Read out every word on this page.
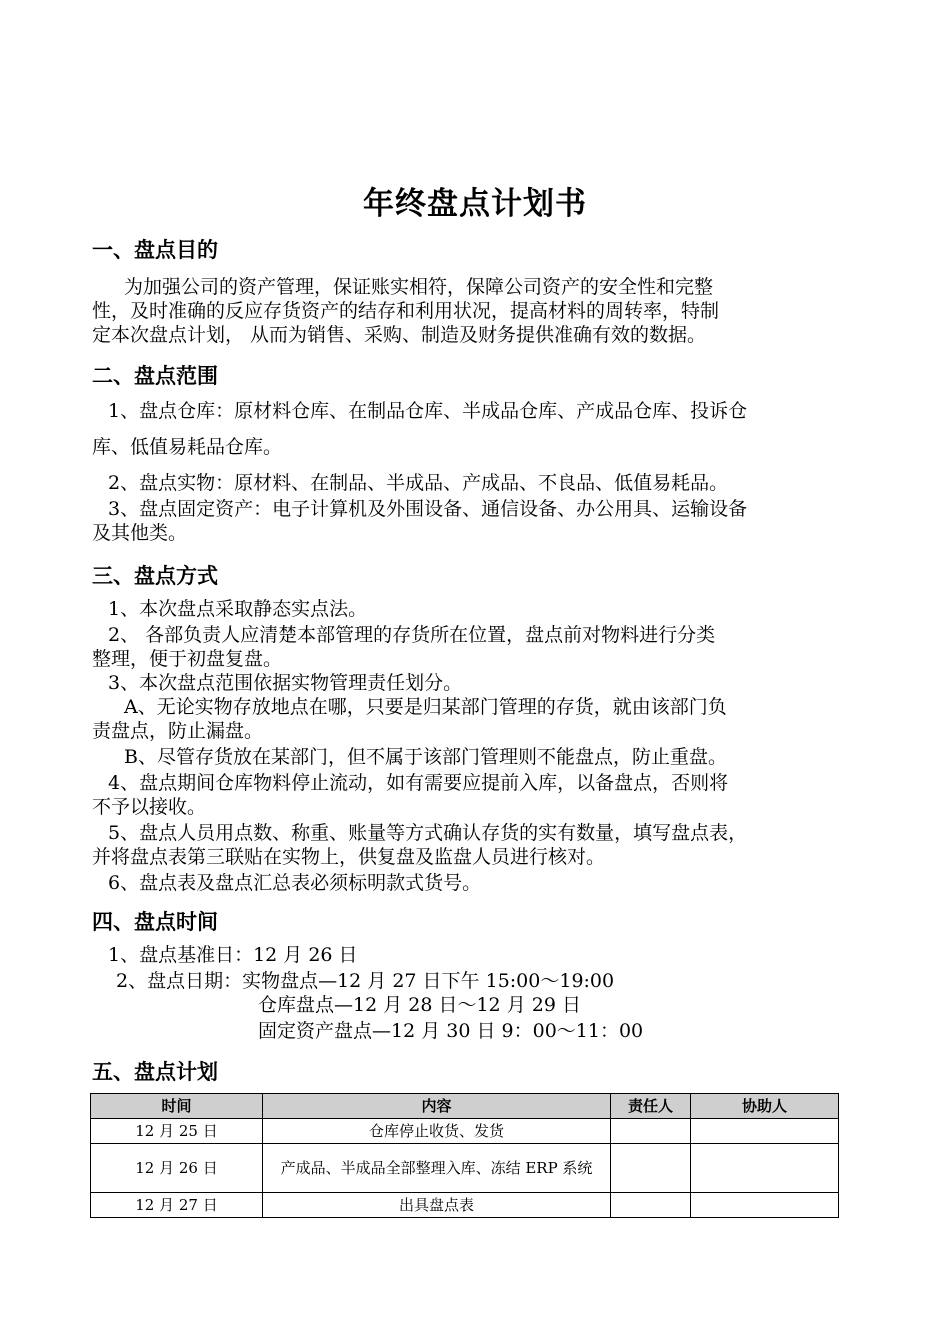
年终盘点计划书
一、盘点目的
为加强公司的资产管理，保证账实相符，保障公司资产的安全性和完整
性，及时准确的反应存货资产的结存和利用状况，提高材料的周转率，特制
定本次盘点计划， 从而为销售、采购、制造及财务提供准确有效的数据。
二、盘点范围
1、盘点仓库：原材料仓库、在制品仓库、半成品仓库、产成品仓库、投诉仓
库、低值易耗品仓库。
2、盘点实物：原材料、在制品、半成品、产成品、不良品、低值易耗品。
3、盘点固定资产：电子计算机及外围设备、通信设备、办公用具、运输设备
及其他类。
三、盘点方式
1、本次盘点采取静态实点法。
2、 各部负责人应清楚本部管理的存货所在位置，盘点前对物料进行分类
整理，便于初盘复盘。
3、本次盘点范围依据实物管理责任划分。
A、无论实物存放地点在哪，只要是归某部门管理的存货，就由该部门负
责盘点，防止漏盘。
B、尽管存货放在某部门，但不属于该部门管理则不能盘点，防止重盘。
4、盘点期间仓库物料停止流动，如有需要应提前入库，以备盘点，否则将
不予以接收。
5、盘点人员用点数、称重、账量等方式确认存货的实有数量，填写盘点表，
并将盘点表第三联贴在实物上，供复盘及监盘人员进行核对。
6、盘点表及盘点汇总表必须标明款式货号。
四、盘点时间
1、盘点基准日：12 月 26 日
2、盘点日期：实物盘点—12 月 27 日下午 15:00～19:00
仓库盘点—12 月 28 日～12 月 29 日
固定资产盘点—12 月 30 日 9：00～11：00
五、盘点计划
时间	内容	责任人	协助人
12 月 25 日	仓库停止收货、发货		
12 月 26 日	产成品、半成品全部整理入库、冻结 ERP 系统		
12 月 27 日	出具盘点表		
